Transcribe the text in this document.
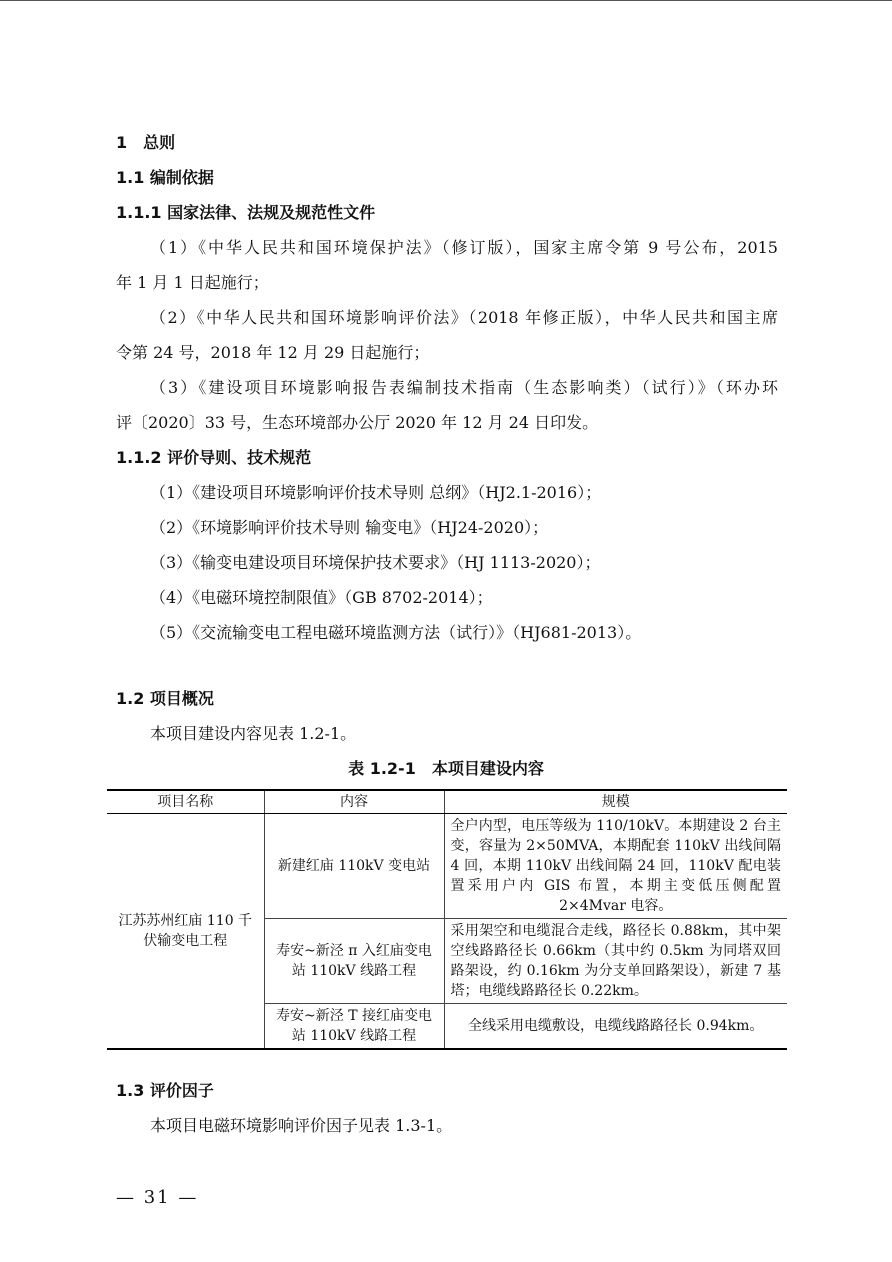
1　总则
1.1 编制依据
1.1.1 国家法律、法规及规范性文件
（1）《中华人民共和国环境保护法》（修订版），国家主席令第 9 号公布，2015
年 1 月 1 日起施行；
（2）《中华人民共和国环境影响评价法》（2018 年修正版），中华人民共和国主席
令第 24 号，2018 年 12 月 29 日起施行；
（3）《建设项目环境影响报告表编制技术指南（生态影响类）（试行）》（环办环
评〔2020〕33 号，生态环境部办公厅 2020 年 12 月 24 日印发。
1.1.2 评价导则、技术规范
（1）《建设项目环境影响评价技术导则 总纲》（HJ2.1-2016）；
（2）《环境影响评价技术导则 输变电》（HJ24-2020）；
（3）《输变电建设项目环境保护技术要求》（HJ 1113-2020）；
（4）《电磁环境控制限值》（GB 8702-2014）；
（5）《交流输变电工程电磁环境监测方法（试行）》（HJ681-2013）。
1.2 项目概况
本项目建设内容见表 1.2-1。
表 1.2-1　本项目建设内容
项目名称	内容	规模
江苏苏州红庙 110 千伏输变电工程	新建红庙 110kV 变电站	全户内型，电压等级为 110/10kV。本期建设 2 台主变，容量为 2×50MVA，本期配套 110kV 出线间隔 4 回，本期 110kV 出线间隔 24 回，110kV 配电装置采用户内 GIS 布置，本期主变低压侧配置 2×4Mvar 电容。
	寿安~新泾 π 入红庙变电站 110kV 线路工程	采用架空和电缆混合走线，路径长 0.88km，其中架空线路路径长 0.66km（其中约 0.5km 为同塔双回路架设，约 0.16km 为分支单回路架设），新建 7 基塔；电缆线路路径长 0.22km。
	寿安~新泾 T 接红庙变电站 110kV 线路工程	全线采用电缆敷设，电缆线路路径长 0.94km。
1.3 评价因子
本项目电磁环境影响评价因子见表 1.3-1。
— 31 —
